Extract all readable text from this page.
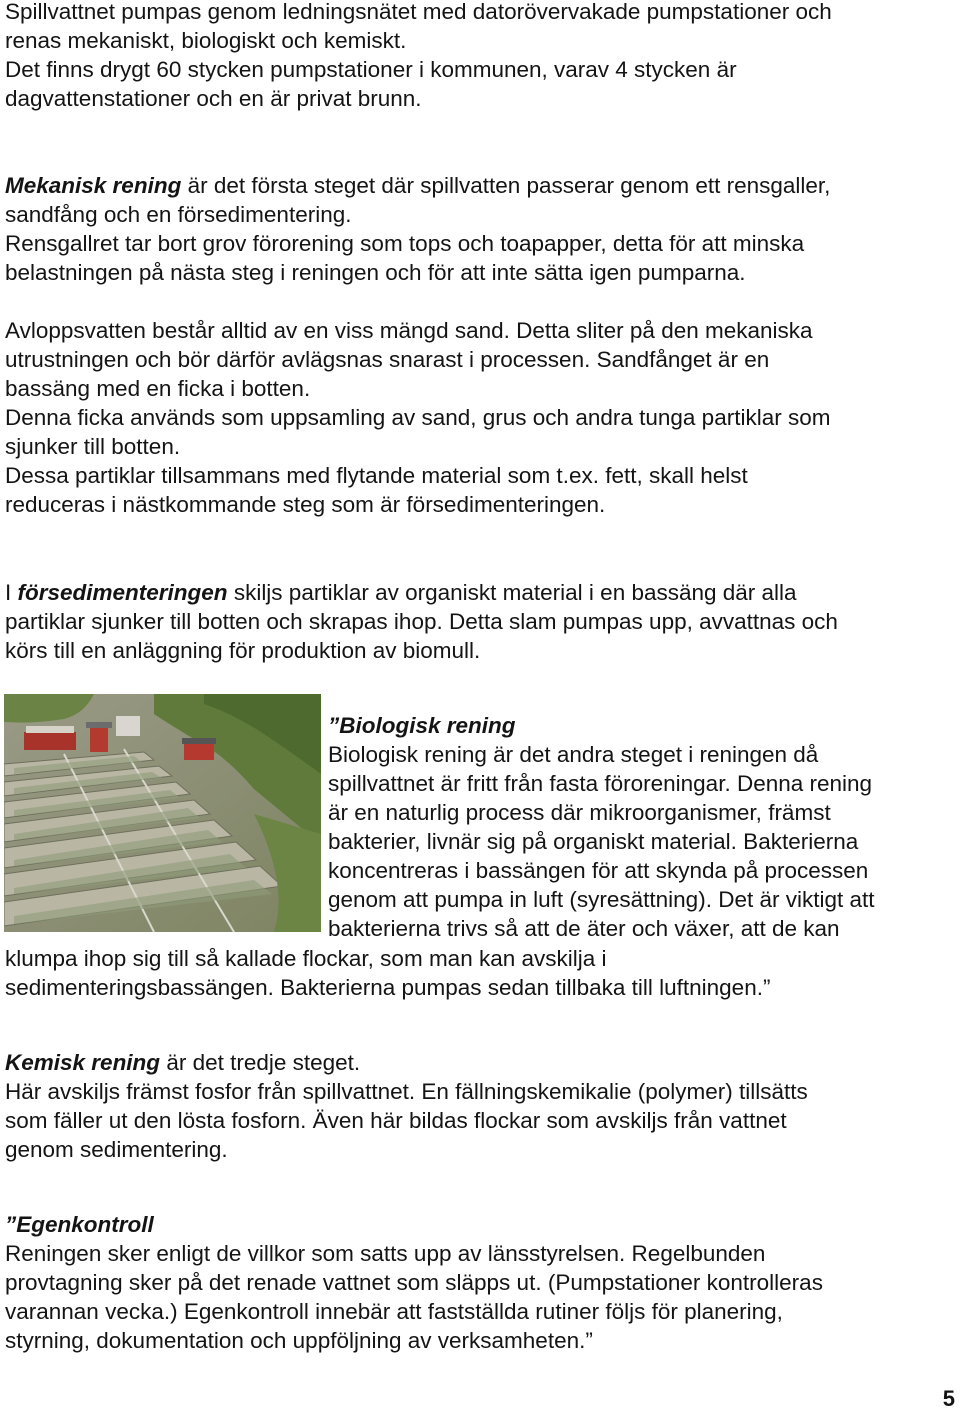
Spillvattnet pumpas genom ledningsnätet med datorövervakade pumpstationer och
renas mekaniskt, biologiskt och kemiskt.
Det finns drygt 60 stycken pumpstationer i kommunen, varav 4 stycken är
dagvattenstationer och en är privat brunn.
Mekanisk rening är det första steget där spillvatten passerar genom ett rensgaller,
sandfång och en försedimentering.
Rensgallret tar bort grov förorening som tops och toapapper, detta för att minska
belastningen på nästa steg i reningen och för att inte sätta igen pumparna.
Avloppsvatten består alltid av en viss mängd sand. Detta sliter på den mekaniska
utrustningen och bör därför avlägsnas snarast i processen. Sandfånget är en
bassäng med en ficka i botten.
Denna ficka används som uppsamling av sand, grus och andra tunga partiklar som
sjunker till botten.
Dessa partiklar tillsammans med flytande material som t.ex. fett, skall helst
reduceras i nästkommande steg som är försedimenteringen.
I försedimenteringen skiljs partiklar av organiskt material i en bassäng där alla
partiklar sjunker till botten och skrapas ihop. Detta slam pumpas upp, avvattnas och
körs till en anläggning för produktion av biomull.
”Biologisk rening
Biologisk rening är det andra steget i reningen då
spillvattnet är fritt från fasta föroreningar. Denna rening
är en naturlig process där mikroorganismer, främst
bakterier, livnär sig på organiskt material. Bakterierna
koncentreras i bassängen för att skynda på processen
genom att pumpa in luft (syresättning). Det är viktigt att
bakterierna trivs så att de äter och växer, att de kan
klumpa ihop sig till så kallade flockar, som man kan avskilja i
sedimenteringsbassängen. Bakterierna pumpas sedan tillbaka till luftningen.”
Kemisk rening är det tredje steget.
Här avskiljs främst fosfor från spillvattnet. En fällningskemikalie (polymer) tillsätts
som fäller ut den lösta fosforn. Även här bildas flockar som avskiljs från vattnet
genom sedimentering.
”Egenkontroll
Reningen sker enligt de villkor som satts upp av länsstyrelsen. Regelbunden
provtagning sker på det renade vattnet som släpps ut. (Pumpstationer kontrolleras
varannan vecka.) Egenkontroll innebär att fastställda rutiner följs för planering,
styrning, dokumentation och uppföljning av verksamheten.”
5
